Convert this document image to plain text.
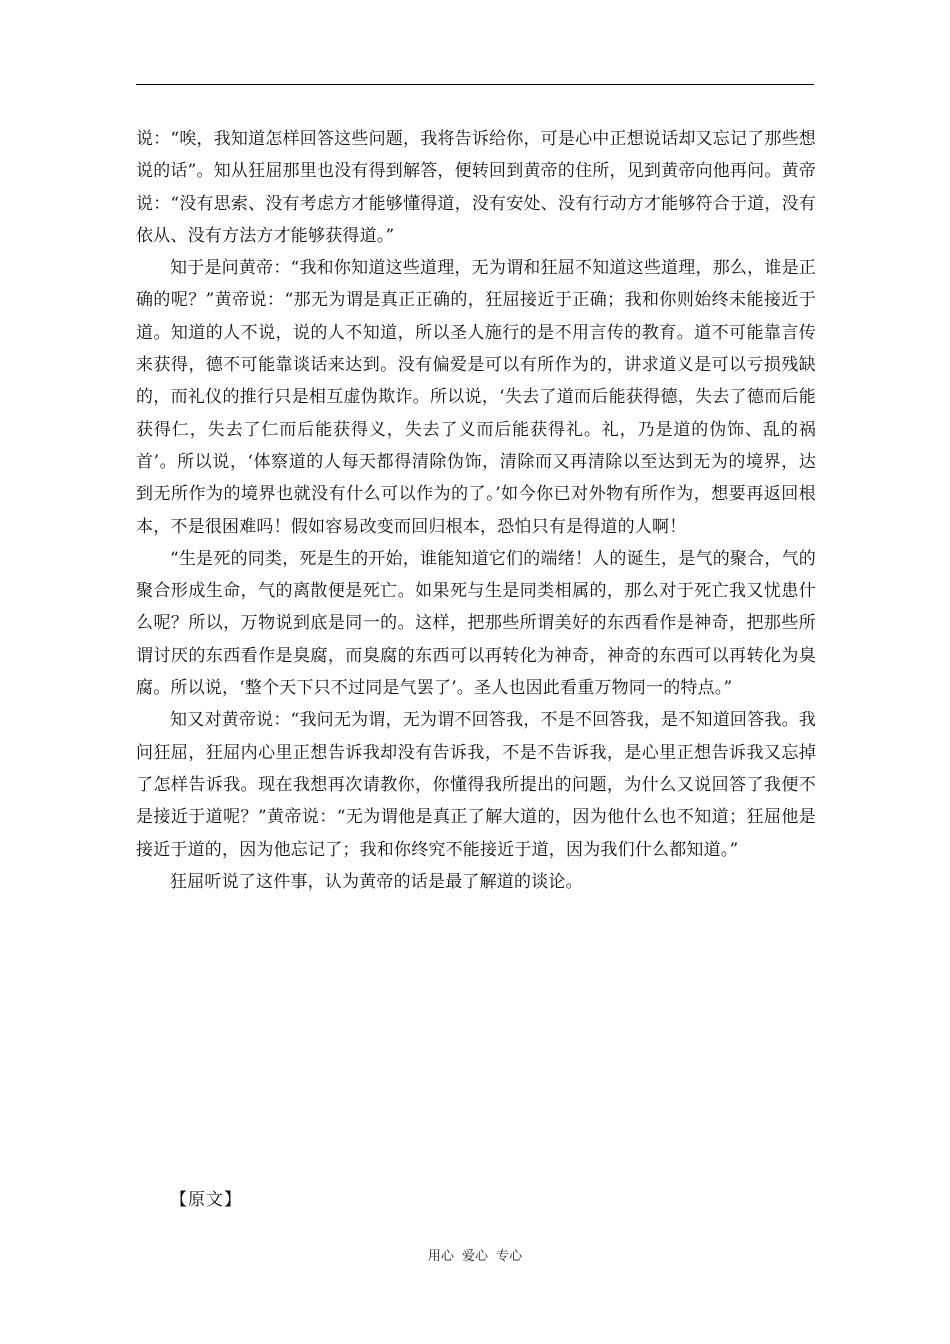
说：“唉，我知道怎样回答这些问题，我将告诉给你，可是心中正想说话却又忘记了那些想说的话”。知从狂屈那里也没有得到解答，便转回到黄帝的住所，见到黄帝向他再问。黄帝说：“没有思索、没有考虑方才能够懂得道，没有安处、没有行动方才能够符合于道，没有依从、没有方法方才能够获得道。”

知于是问黄帝：“我和你知道这些道理，无为谓和狂屈不知道这些道理，那么，谁是正确的呢？”黄帝说：“那无为谓是真正正确的，狂屈接近于正确；我和你则始终未能接近于道。知道的人不说，说的人不知道，所以圣人施行的是不用言传的教育。道不可能靠言传来获得，德不可能靠谈话来达到。没有偏爱是可以有所作为的，讲求道义是可以亏损残缺的，而礼仪的推行只是相互虚伪欺诈。所以说，‘失去了道而后能获得德，失去了德而后能获得仁，失去了仁而后能获得义，失去了义而后能获得礼。礼，乃是道的伪饰、乱的祸首’。所以说，‘体察道的人每天都得清除伪饰，清除而又再清除以至达到无为的境界，达到无所作为的境界也就没有什么可以作为的了。’如今你已对外物有所作为，想要再返回根本，不是很困难吗！假如容易改变而回归根本，恐怕只有是得道的人啊！

“生是死的同类，死是生的开始，谁能知道它们的端绪！人的诞生，是气的聚合，气的聚合形成生命，气的离散便是死亡。如果死与生是同类相属的，那么对于死亡我又忧患什么呢？所以，万物说到底是同一的。这样，把那些所谓美好的东西看作是神奇，把那些所谓讨厌的东西看作是臭腐，而臭腐的东西可以再转化为神奇，神奇的东西可以再转化为臭腐。所以说，‘整个天下只不过同是气罢了’。圣人也因此看重万物同一的特点。”

知又对黄帝说：“我问无为谓，无为谓不回答我，不是不回答我，是不知道回答我。我问狂屈，狂屈内心里正想告诉我却没有告诉我，不是不告诉我，是心里正想告诉我又忘掉了怎样告诉我。现在我想再次请教你，你懂得我所提出的问题，为什么又说回答了我便不是接近于道呢？”黄帝说：“无为谓他是真正了解大道的，因为他什么也不知道；狂屈他是接近于道的，因为他忘记了；我和你终究不能接近于道，因为我们什么都知道。”

狂屈听说了这件事，认为黄帝的话是最了解道的谈论。

【原文】
用心 爱心 专心
